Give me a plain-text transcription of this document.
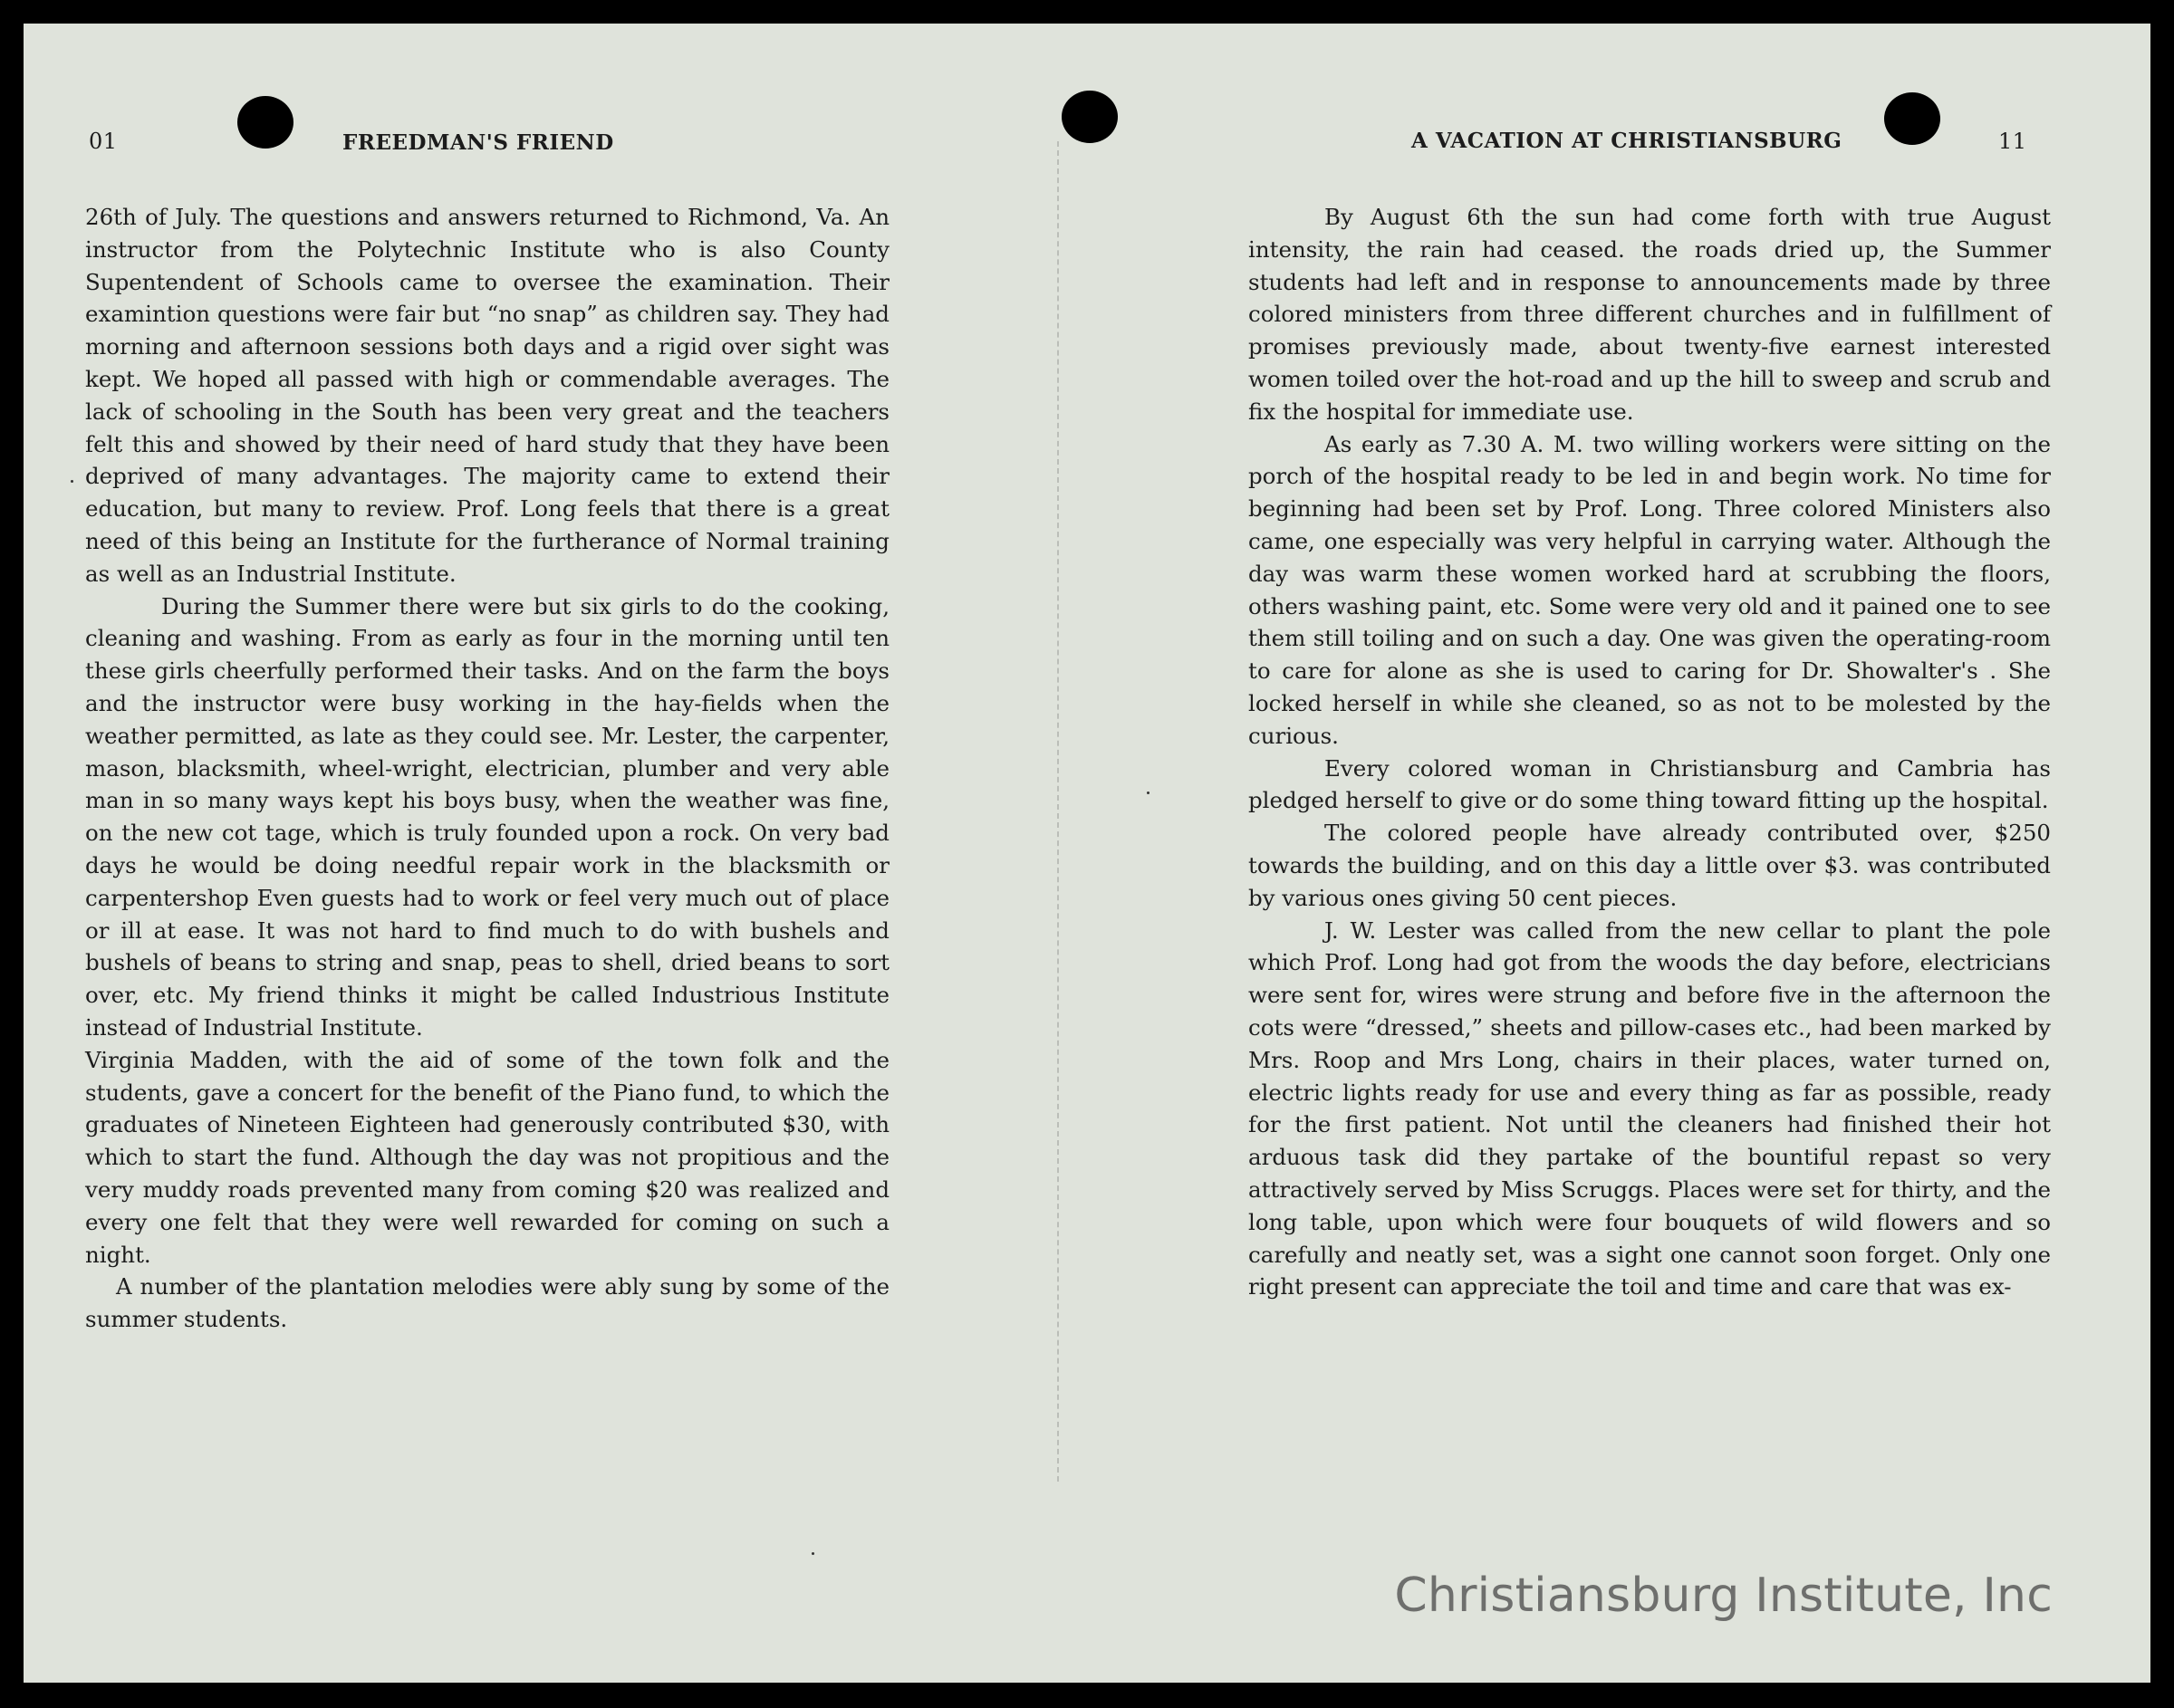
01	FREEDMAN'S FRIEND

26th of July. The questions and answers returned to Richmond, Va. An instructor from the Polytechnic Institute who is also County Supentendent of Schools came to oversee the examination. Their examintion questions were fair but “no snap” as children say. They had morning and afternoon sessions both days and a rigid over sight was kept. We hoped all passed with high or commendable averages. The lack of schooling in the South has been very great and the teachers felt this and showed by their need of hard study that they have been deprived of many advantages. The majority came to extend their education, but many to review. Prof. Long feels that there is a great need of this being an Institute for the furtherance of Normal training as well as an Industrial Institute.

During the Summer there were but six girls to do the cooking, cleaning and washing. From as early as four in the morning until ten these girls cheerfully performed their tasks. And on the farm the boys and the instructor were busy working in the hay-fields when the weather permitted, as late as they could see. Mr. Lester, the carpenter, mason, blacksmith, wheel-wright, electrician, plumber and very able man in so many ways kept his boys busy, when the weather was fine, on the new cot tage, which is truly founded upon a rock. On very bad days he would be doing needful repair work in the blacksmith or carpentershop Even guests had to work or feel very much out of place or ill at ease. It was not hard to find much to do with bushels and bushels of beans to string and snap, peas to shell, dried beans to sort over, etc. My friend thinks it might be called Industrious Institute instead of Industrial Institute.

Virginia Madden, with the aid of some of the town folk and the students, gave a concert for the benefit of the Piano fund, to which the graduates of Nineteen Eighteen had generously contributed $30, with which to start the fund. Although the day was not propitious and the very muddy roads prevented many from coming $20 was realized and every one felt that they were well rewarded for coming on such a night.

A number of the plantation melodies were ably sung by some of the summer students.

A VACATION AT CHRISTIANSBURG	11

By August 6th the sun had come forth with true August intensity, the rain had ceased. the roads dried up, the Summer students had left and in response to announcements made by three colored ministers from three different churches and in fulfillment of promises previously made, about twenty-five earnest interested women toiled over the hot-road and up the hill to sweep and scrub and fix the hospital for immediate use.

As early as 7.30 A. M. two willing workers were sitting on the porch of the hospital ready to be led in and begin work. No time for beginning had been set by Prof. Long. Three colored Ministers also came, one especially was very helpful in carrying water. Although the day was warm these women worked hard at scrubbing the floors, others washing paint, etc. Some were very old and it pained one to see them still toiling and on such a day. One was given the operating-room to care for alone as she is used to caring for Dr. Showalter's . She locked herself in while she cleaned, so as not to be molested by the curious.

Every colored woman in Christiansburg and Cambria has pledged herself to give or do some thing toward fitting up the hospital.

The colored people have already contributed over, $250 towards the building, and on this day a little over $3. was contributed by various ones giving 50 cent pieces.

J. W. Lester was called from the new cellar to plant the pole which Prof. Long had got from the woods the day before, electricians were sent for, wires were strung and before five in the afternoon the cots were “dressed,” sheets and pillow-cases etc., had been marked by Mrs. Roop and Mrs Long, chairs in their places, water turned on, electric lights ready for use and every thing as far as possible, ready for the first patient. Not until the cleaners had finished their hot arduous task did they partake of the bountiful repast so very attractively served by Miss Scruggs. Places were set for thirty, and the long table, upon which were four bouquets of wild flowers and so carefully and neatly set, was a sight one cannot soon forget. Only one right present can appreciate the toil and time and care that was ex-

Christiansburg Institute, Inc
